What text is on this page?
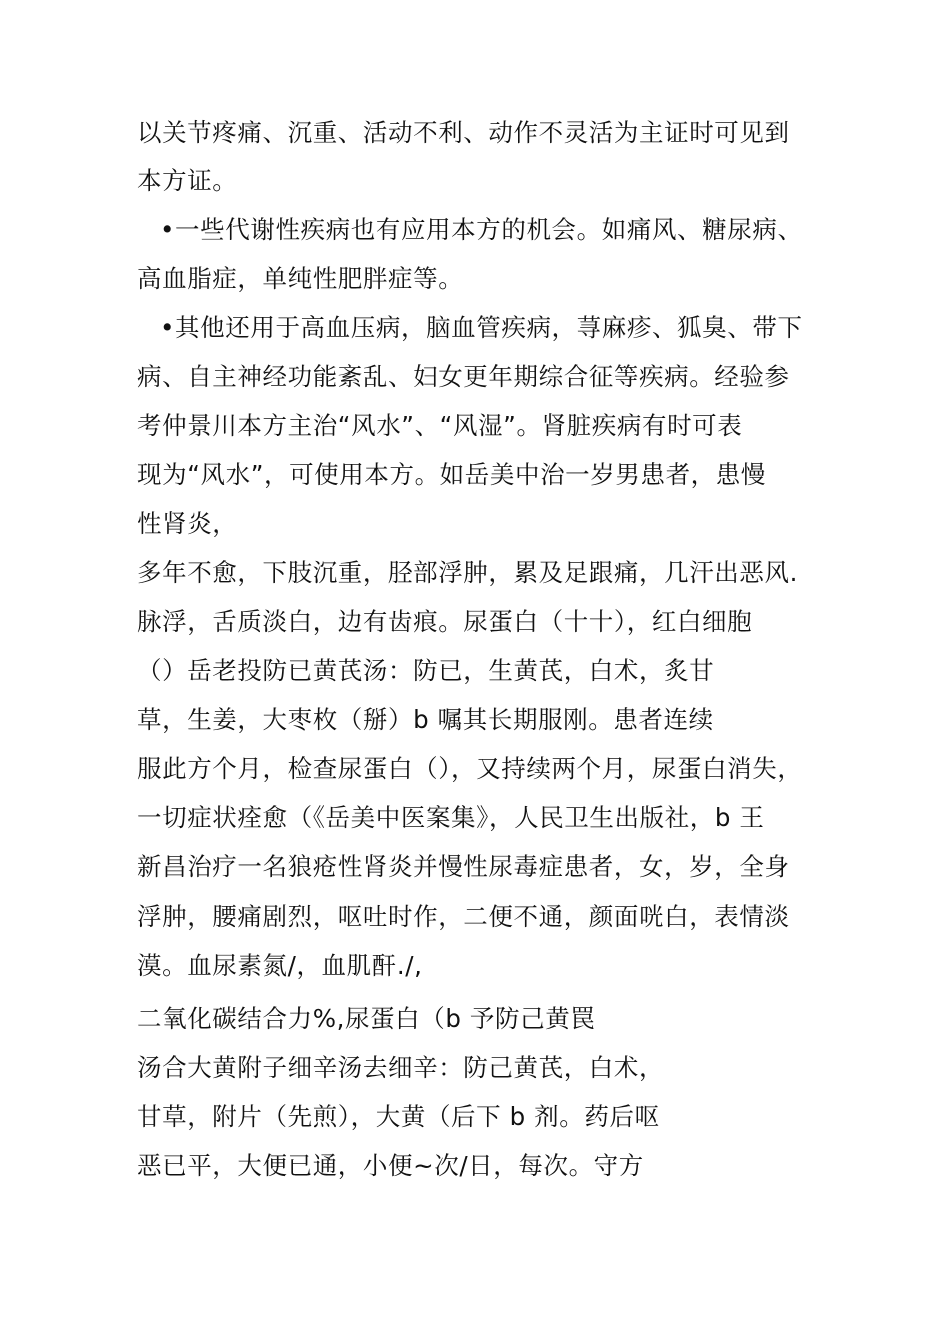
以关节疼痛、沉重、活动不利、动作不灵活为主证时可见到
本方证。
•一些代谢性疾病也有应用本方的机会。如痛风、糖尿病、
高血脂症，单纯性肥胖症等。
•其他还用于高血压病，脑血管疾病，荨麻疹、狐臭、带下
病、自主神经功能紊乱、妇女更年期综合征等疾病。经验参
考仲景川本方主治“风水”、“风湿”。肾脏疾病有时可表
现为“风水”，可使用本方。如岳美中治一岁男患者，患慢
性肾炎，
多年不愈，下肢沉重，胫部浮肿，累及足跟痛，几汗出恶风.
脉浮，舌质淡白，边有齿痕。尿蛋白（十十），红白细胞
（）岳老投防已黄芪汤：防已，生黄芪，白术，炙甘
草，生姜，大枣枚（掰）b 嘱其长期服刚。患者连续
服此方个月，检查尿蛋白（），又持续两个月，尿蛋白消失，
一切症状痊愈（《岳美中医案集》，人民卫生出版社，b 王
新昌治疗一名狼疮性肾炎并慢性尿毒症患者，女，岁，全身
浮肿，腰痛剧烈，呕吐时作，二便不通，颜面咣白，表情淡
漠。血尿素氮/，血肌酐./,
二氧化碳结合力%,尿蛋白（b 予防己黄罠
汤合大黄附子细辛汤去细辛：防己黄芪，白术，
甘草，附片（先煎），大黄（后下 b 剂。药后呕
恶已平，大便已通，小便~次/日，每次。守方
